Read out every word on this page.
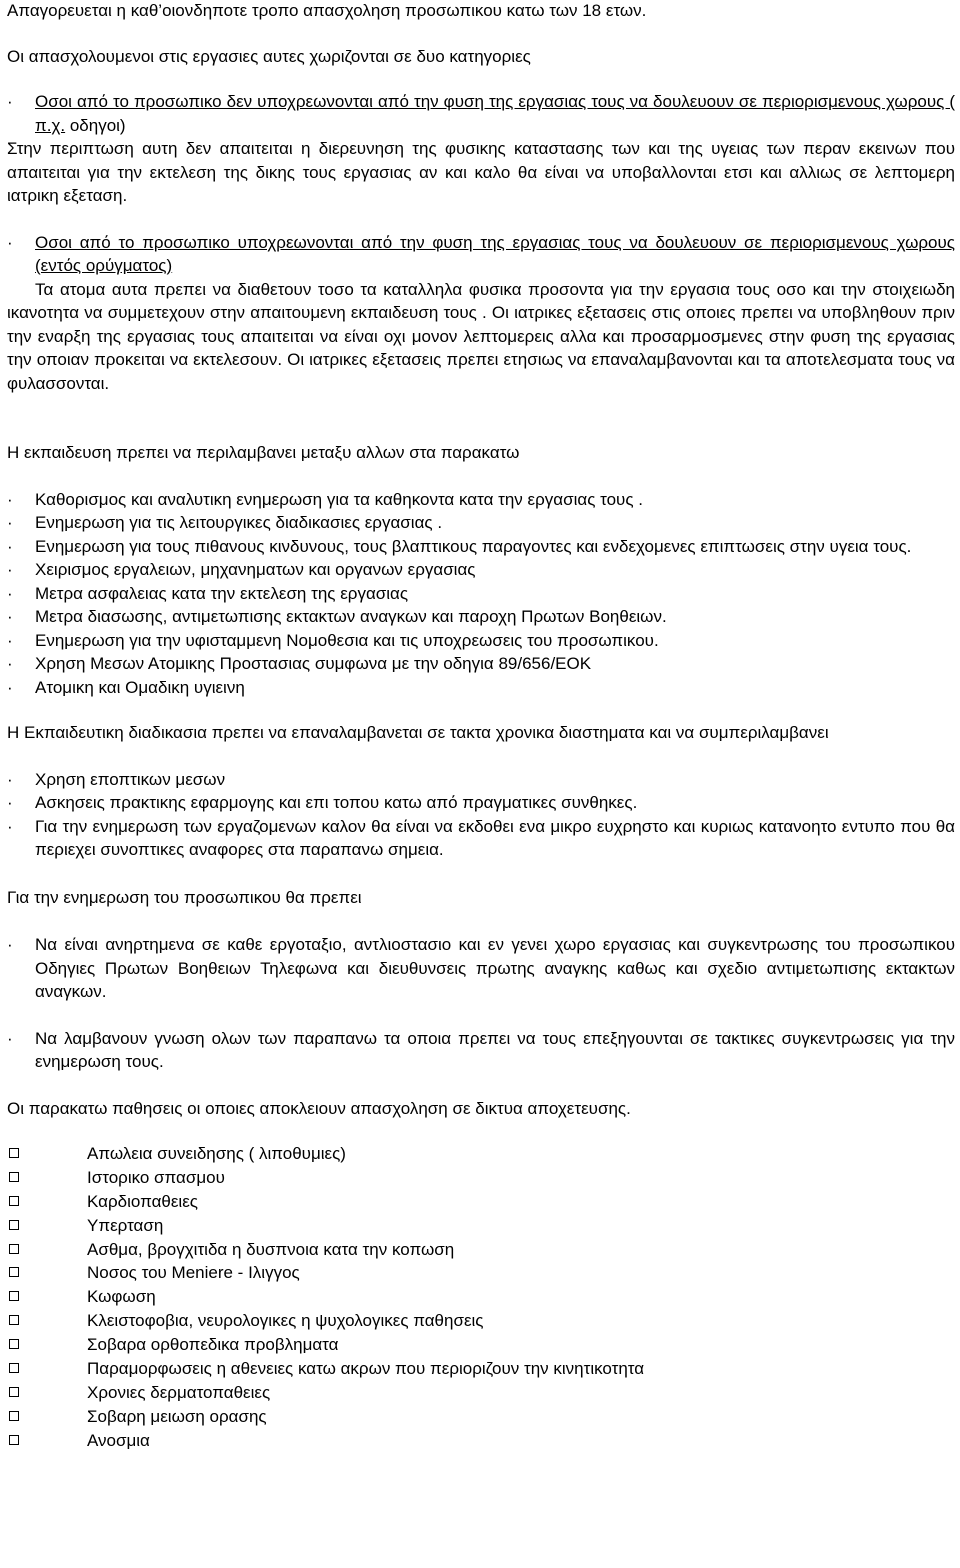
Απαγορευεται η καθ’οιονδηποτε τροπο απασχοληση προσωπικου κατω των 18 ετων.

Οι απασχολουμενοι στις εργασιες αυτες χωριζονται σε δυο κατηγοριες

· Οσοι από το προσωπικο δεν υποχρεωνονται από την φυση της εργασιας τους να δουλευουν σε περιορισμενους χωρους ( π.χ. οδηγοι)

Στην περιπτωση αυτη δεν απαιτειται η διερευνηση της φυσικης καταστασης των και της υγειας των περαν εκεινων που απαιτειται για την εκτελεση της δικης τους εργασιας αν και καλο θα είναι να υποβαλλονται ετσι και αλλιως σε λεπτομερη ιατρικη εξεταση.

· Οσοι από το προσωπικο υποχρεωνονται από την φυση της εργασιας τους να δουλευουν σε περιορισμενους χωρους (εντός ορύγματος)

Τα ατομα αυτα πρεπει να διαθετουν τοσο τα καταλληλα φυσικα προσοντα για την εργασια τους οσο και την στοιχειωδη ικανοτητα να συμμετεχουν στην απαιτουμενη εκπαιδευση τους . Οι ιατρικες εξετασεις στις οποιες πρεπει να υποβληθουν πριν την εναρξη της εργασιας τους απαιτειται να είναι οχι μονον λεπτομερεις αλλα και προσαρμοσμενες στην φυση της εργασιας την οποιαν προκειται να εκτελεσουν. Οι ιατρικες εξετασεις πρεπει ετησιως να επαναλαμβανονται και τα αποτελεσματα τους να φυλασσονται.

Η εκπαιδευση πρεπει να περιλαμβανει μεταξυ αλλων στα παρακατω

· Καθορισμος και αναλυτικη ενημερωση για τα καθηκοντα κατα την εργασιας τους .
· Ενημερωση για τις λειτουργικες διαδικασιες εργασιας .
· Ενημερωση για τους πιθανους κινδυνους, τους βλαπτικους παραγοντες και ενδεχομενες επιπτωσεις στην υγεια τους.
· Χειρισμος εργαλειων, μηχανηματων και οργανων εργασιας
· Μετρα ασφαλειας κατα την εκτελεση της εργασιας
· Μετρα διασωσης, αντιμετωπισης εκτακτων αναγκων και παροχη Πρωτων Βοηθειων.
· Ενημερωση για την υφισταμμενη Νομοθεσια και τις υποχρεωσεις του προσωπικου.
· Χρηση Μεσων Ατομικης Προστασιας συμφωνα με την οδηγια 89/656/ΕΟΚ
· Ατομικη και Ομαδικη υγιεινη

Η Εκπαιδευτικη διαδικασια πρεπει να επαναλαμβανεται σε τακτα χρονικα διαστηματα και να συμπεριλαμβανει

· Χρηση εποπτικων μεσων
· Ασκησεις πρακτικης εφαρμογης και επι τοπου κατω από πραγματικες συνθηκες.
· Για την ενημερωση των εργαζομενων καλον θα είναι να εκδοθει ενα μικρο ευχρηστο και κυριως κατανοητο εντυπο που θα περιεχει συνοπτικες αναφορες στα παραπανω σημεια.

Για την ενημερωση του προσωπικου θα πρεπει

· Να είναι ανηρτημενα σε καθε εργοταξιο, αντλιοστασιο και εν γενει χωρο εργασιας και συγκεντρωσης του προσωπικου Οδηγιες Πρωτων Βοηθειων Τηλεφωνα και διευθυνσεις πρωτης αναγκης καθως και σχεδιο αντιμετωπισης εκτακτων αναγκων.
· Να λαμβανουν γνωση ολων των παραπανω τα οποια πρεπει να τους επεξηγουνται σε τακτικες συγκεντρωσεις για την ενημερωση τους.

Οι παρακατω παθησεις οι οποιες αποκλειουν απασχοληση σε δικτυα αποχετευσης.

Απωλεια συνειδησης ( λιποθυμιες)
Ιστορικο σπασμου
Καρδιοπαθειες
Υπερταση
Ασθμα, βρογχιτιδα η δυσπνοια κατα την κοπωση
Νοσος του Meniere - Ιλιγγος
Κωφωση
Κλειστοφοβια, νευρολογικες η ψυχολογικες παθησεις
Σοβαρα ορθοπεδικα προβληματα
Παραμορφωσεις η αθενειες κατω ακρων που περιοριζουν την κινητικοτητα
Χρονιες δερματοπαθειες
Σοβαρη μειωση ορασης
Ανοσμια
